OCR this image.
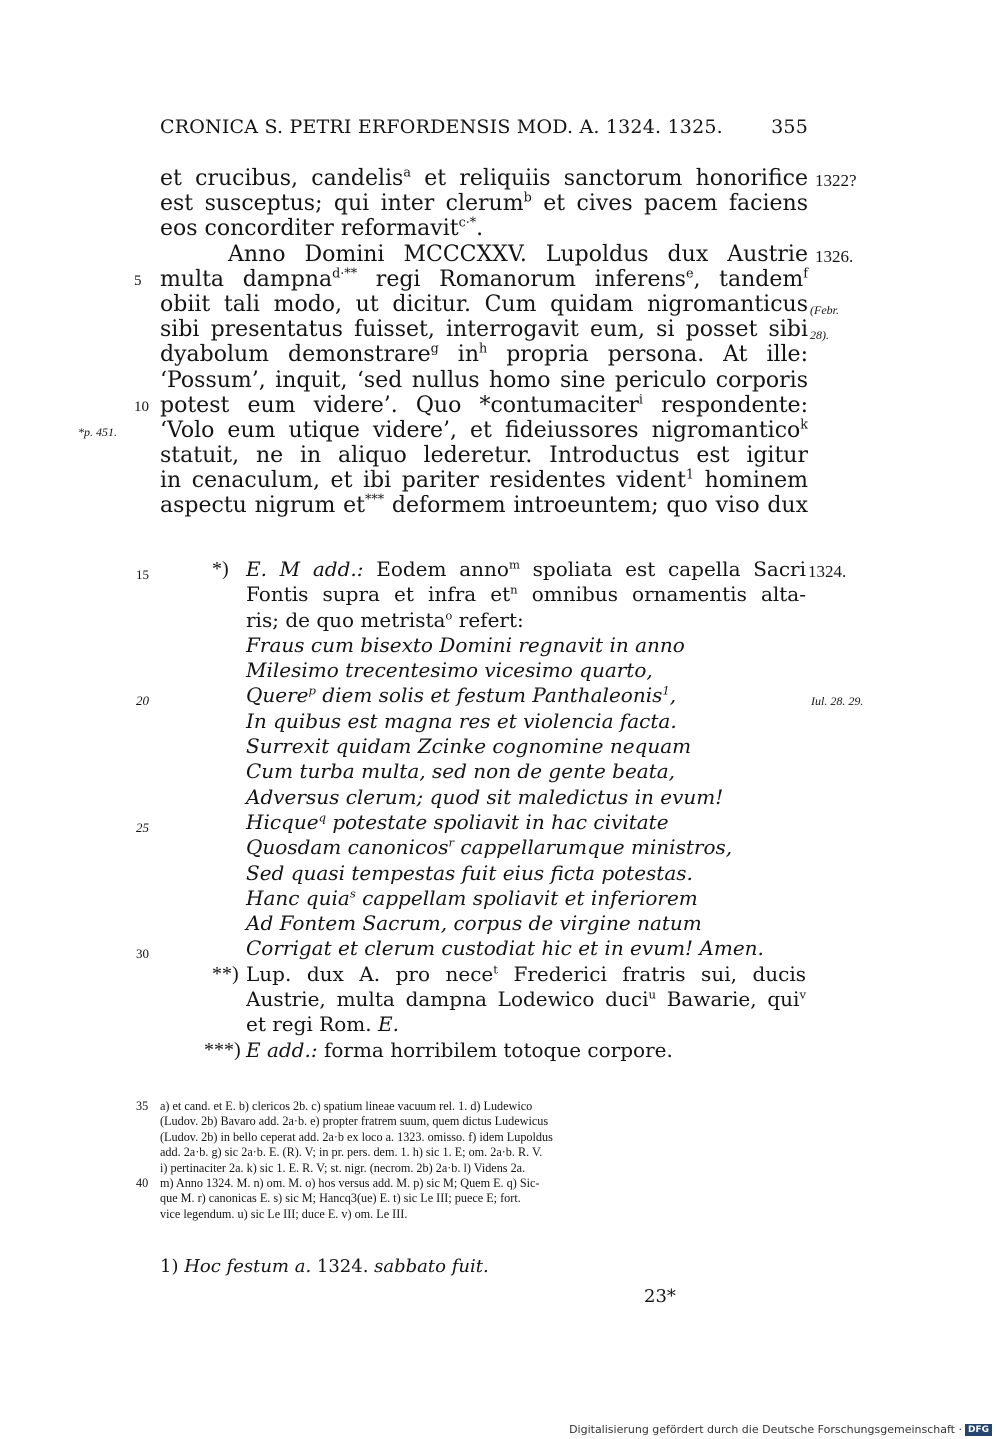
CRONICA S. PETRI ERFORDENSIS MOD. A. 1324. 1325.	355
et crucibus, candelis$^a$ et reliquiis sanctorum honorifice 1322?
est susceptus; qui inter clerum$^b$ et cives pacem faciens
eos concorditer reformavit$^{c\cdot*}$.
Anno Domini MCCCXXV. Lupoldus dux Austrie 1326.
5 multa dampna$^{d\cdot**}$ regi Romanorum inferens$^e$, tandem$^f$
obiit tali modo, ut dicitur. Cum quidam nigromanticus (Febr. 28).
sibi presentatus fuisset, interrogavit eum, si posset sibi
dyabolum demonstrare$^g$ $in^h$ propria persona. At ille:
‘Possum’, inquit, ‘sed nullus homo sine periculo corporis
10 potest eum videre’. Quo *contumaciter$^i$ respondente:
*p. 451. ‘Volo eum utique videre’, et fideiussores nigromantico$^k$
statuit, ne in aliquo lederetur. Introductus est igitur
in cenaculum, et ibi pariter residentes vident$^1$ hominem
aspectu nigrum et*** deformem introeuntem; quo viso dux
15	*) E. M add.: Eodem anno$^m$ spoliata est capella Sacri 1324.
Fontis supra et infra $et^n$ omnibus ornamentis alta-
ris; de quo metrista$^o$ refert:
Fraus cum bisexto Domini regnavit in anno
Milesimo trecentesimo vicesimo quarto,
20	Quere$^p$ diem solis et festum Panthaleonis$^1$,	Iul. 28. 29.
In quibus est magna res et violencia facta.
Surrexit quidam Zcinke cognomine nequam
Cum turba multa, sed non de gente beata,
Adversus clerum; quod sit maledictus in evum!
25	Hicque$^q$ potestate spoliavit in hac civitate
Quosdam canonicos$^r$ cappellarumque ministros,
Sed quasi tempestas fuit eius ficta potestas.
Hanc quia$^s$ cappellam spoliavit et inferiorem
Ad Fontem Sacrum, corpus de virgine natum
30	Corrigat et clerum custodiat hic et in evum! Amen.
**) Lup. dux A. pro nece$^t$ Frederici fratris sui, ducis
Austrie, multa dampna Lodewico duci$^u$ Bawarie, qui$^v$
et regi Rom. E.
***) E add.: forma horribilem totoque corpore.
35 a) et cand. et E. b) clericos 2b. c) spatium lineae vacuum rel. 1. d) Ludewico
(Ludov. 2b) Bavaro add. 2a·b. e) propter fratrem suum, quem dictus Ludewicus
(Ludov. 2b) in bello ceperat add. 2a·b ex loco a. 1323. omisso. f) idem Lupoldus
add. 2a·b. g) sic 2a·b. E. (R). V; in pr. pers. dem. 1. h) sic 1. E; om. 2a·b. R. V.
i) pertinaciter 2a. k) sic 1. E. R. V; st. nigr. (necrom. 2b) 2a·b. l) Videns 2a.
40 m) Anno 1324. M. n) om. M. o) hos versus add. M. p) sic M; Quem E. q) Sic-
que M. r) canonicas E. s) sic M; Hancq3(ue) E. t) sic Le III; puece E; fort.
vice legendum. u) sic Le III; duce E. v) om. Le III.
1) Hoc festum a. 1324. sabbato fuit.
23*
Digitalisierung gefördert durch die Deutsche Forschungsgemeinschaft · DFG
